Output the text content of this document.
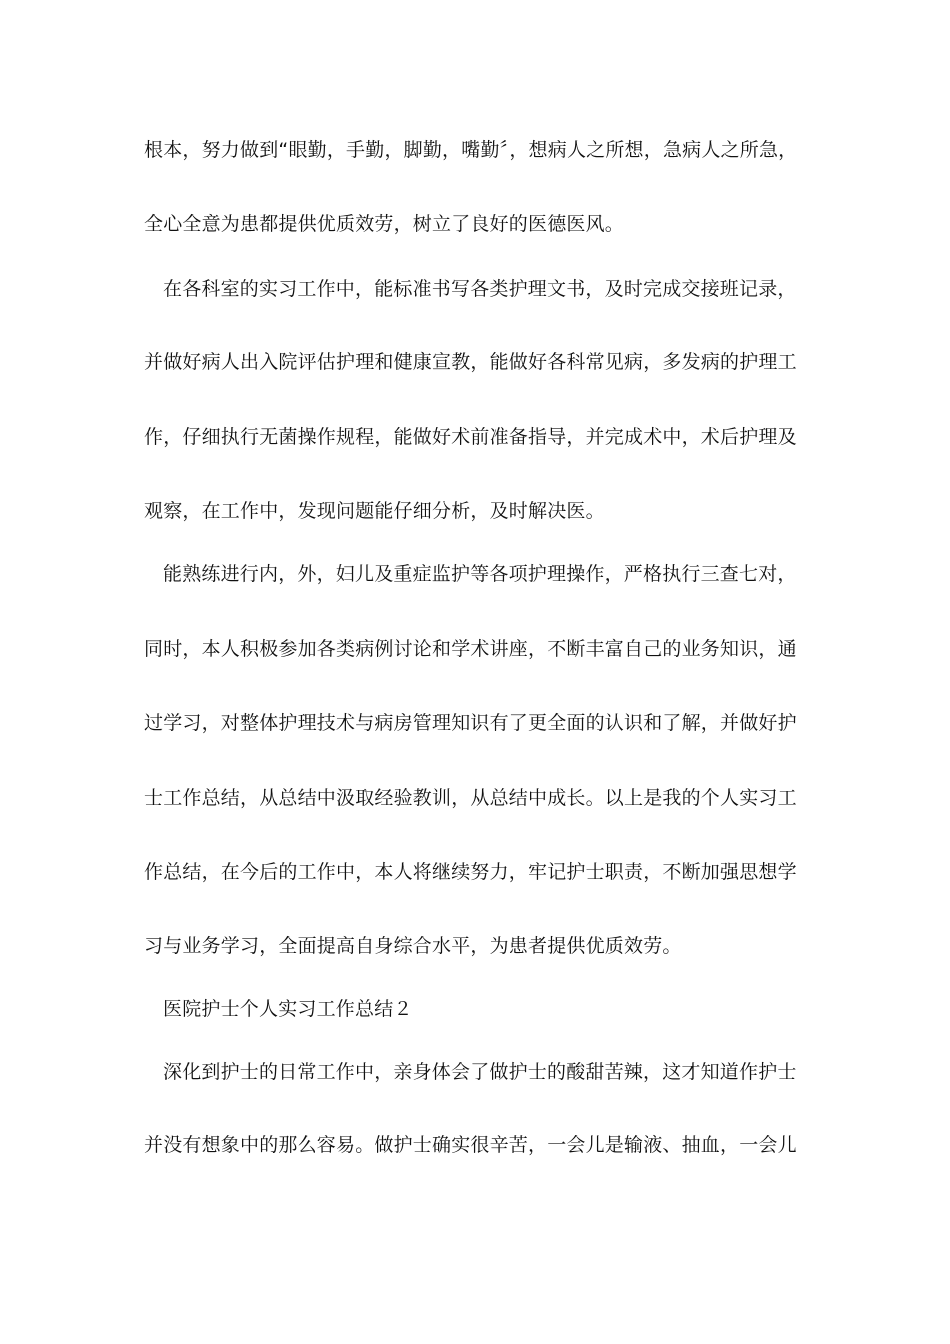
根本，努力做到“眼勤，手勤，脚勤，嘴勤〞，想病人之所想，急病人之所急，
全心全意为患都提供优质效劳，树立了良好的医德医风。
在各科室的实习工作中，能标准书写各类护理文书，及时完成交接班记录，
并做好病人出入院评估护理和健康宣教，能做好各科常见病，多发病的护理工
作，仔细执行无菌操作规程，能做好术前准备指导，并完成术中，术后护理及
观察，在工作中，发现问题能仔细分析，及时解决医。
能熟练进行内，外，妇儿及重症监护等各项护理操作，严格执行三查七对，
同时，本人积极参加各类病例讨论和学术讲座，不断丰富自己的业务知识，通
过学习，对整体护理技术与病房管理知识有了更全面的认识和了解，并做好护
士工作总结，从总结中汲取经验教训，从总结中成长。以上是我的个人实习工
作总结，在今后的工作中，本人将继续努力，牢记护士职责，不断加强思想学
习与业务学习，全面提高自身综合水平，为患者提供优质效劳。
医院护士个人实习工作总结２
深化到护士的日常工作中，亲身体会了做护士的酸甜苦辣，这才知道作护士
并没有想象中的那么容易。做护士确实很辛苦，一会儿是输液、抽血，一会儿
